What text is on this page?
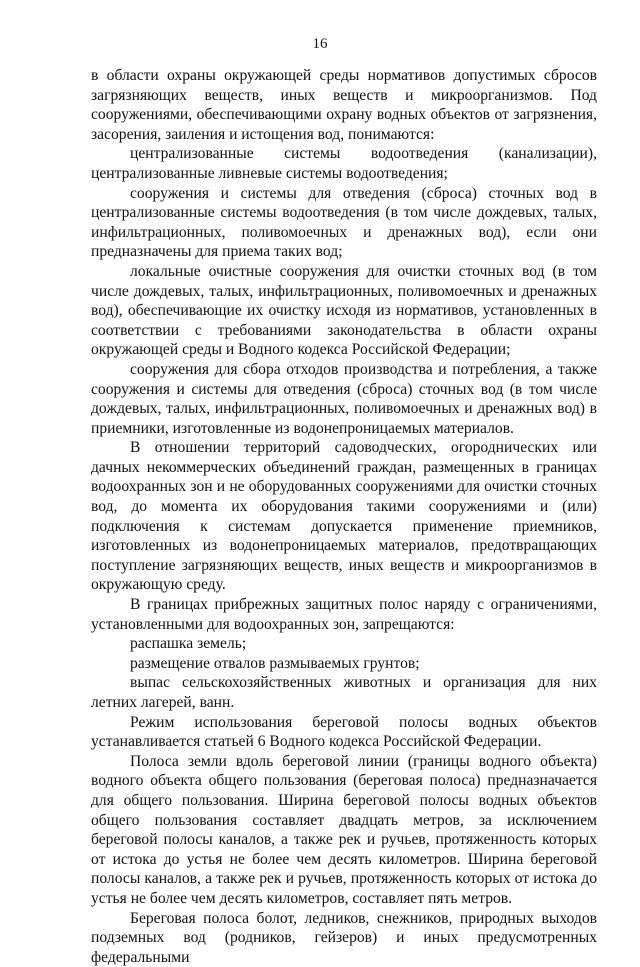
16

в области охраны окружающей среды нормативов допустимых сбросов загрязняющих веществ, иных веществ и микроорганизмов. Под сооружениями, обеспечивающими охрану водных объектов от загрязнения, засорения, заиления и истощения вод, понимаются:

централизованные системы водоотведения (канализации), централизованные ливневые системы водоотведения;

сооружения и системы для отведения (сброса) сточных вод в централизованные системы водоотведения (в том числе дождевых, талых, инфильтрационных, поливомоечных и дренажных вод), если они предназначены для приема таких вод;

локальные очистные сооружения для очистки сточных вод (в том числе дождевых, талых, инфильтрационных, поливомоечных и дренажных вод), обеспечивающие их очистку исходя из нормативов, установленных в соответствии с требованиями законодательства в области охраны окружающей среды и Водного кодекса Российской Федерации;

сооружения для сбора отходов производства и потребления, а также сооружения и системы для отведения (сброса) сточных вод (в том числе дождевых, талых, инфильтрационных, поливомоечных и дренажных вод) в приемники, изготовленные из водонепроницаемых материалов.

В отношении территорий садоводческих, огороднических или дачных некоммерческих объединений граждан, размещенных в границах водоохранных зон и не оборудованных сооружениями для очистки сточных вод, до момента их оборудования такими сооружениями и (или) подключения к системам допускается применение приемников, изготовленных из водонепроницаемых материалов, предотвращающих поступление загрязняющих веществ, иных веществ и микроорганизмов в окружающую среду.

В границах прибрежных защитных полос наряду с ограничениями, установленными для водоохранных зон, запрещаются:

распашка земель;

размещение отвалов размываемых грунтов;

выпас сельскохозяйственных животных и организация для них летних лагерей, ванн.

Режим использования береговой полосы водных объектов устанавливается статьей 6 Водного кодекса Российской Федерации.

Полоса земли вдоль береговой линии (границы водного объекта) водного объекта общего пользования (береговая полоса) предназначается для общего пользования. Ширина береговой полосы водных объектов общего пользования составляет двадцать метров, за исключением береговой полосы каналов, а также рек и ручьев, протяженность которых от истока до устья не более чем десять километров. Ширина береговой полосы каналов, а также рек и ручьев, протяженность которых от истока до устья не более чем десять километров, составляет пять метров.

Береговая полоса болот, ледников, снежников, природных выходов подземных вод (родников, гейзеров) и иных предусмотренных федеральными
